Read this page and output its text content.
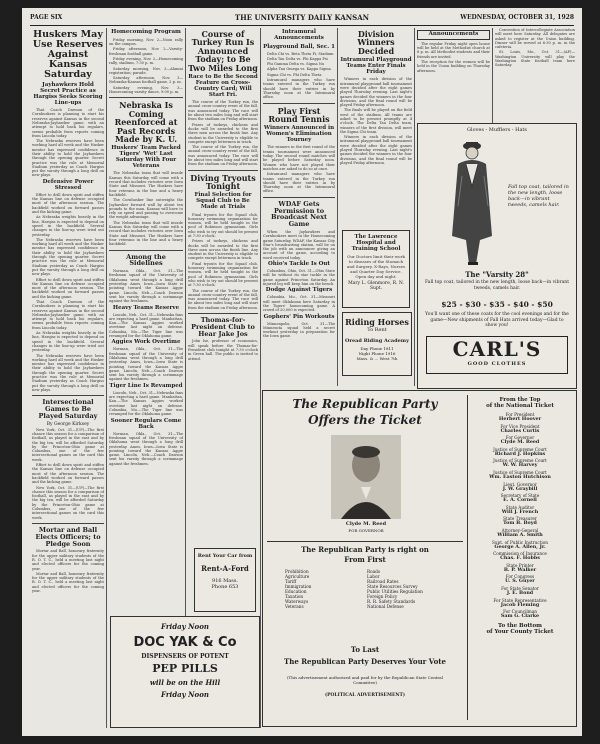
PAGE SIX	THE UNIVERSITY DAILY KANSAN	WEDNESDAY, OCTOBER 31, 1928
Huskers May Use Reserves Against Kansas Saturday
Jayhawkers Hold Secret Practice as Hargiss Seeks Scoring Line-ups

That Coach Dawson of the Cornhuskers is planning to start his reserves against Kansas in the second Nebraska-Jayhawker game, with an attempt to hold back his regulars, seems probable from reports coming from Lincoln today.

The Nebraska reserves have been working hard all week and the Husker mentor has expressed confidence in their ability to hold the Jayhawkers through the opening quarter. Secret practice was the rule at Memorial Stadium yesterday as Coach Hargiss put the varsity through a long drill on new plays.

Defensive Power Stressed

Effort to drill down spirit and stiffen the Kansas line on defense occupied most of the afternoon session. The backfield worked on forward passes and the kicking game.

As Nebraska weights heavily in the line, Harqiss is expected to depend on speed in the backfield. Several changes in the line-up were tried out yesterday.

The Nebraska reserves have been working hard all week and the Husker mentor has expressed confidence in their ability to hold the Jayhawkers through the opening quarter. Secret practice was the rule at Memorial Stadium yesterday as Coach Hargiss put the varsity through a long drill on new plays.

Effort to drill down spirit and stiffen the Kansas line on defense occupied most of the afternoon session. The backfield worked on forward passes and the kicking game.

That Coach Dawson of the Cornhuskers is planning to start his reserves against Kansas in the second Nebraska-Jayhawker game, with an attempt to hold back his regulars, seems probable from reports coming from Lincoln today.

As Nebraska weights heavily in the line, Harqiss is expected to depend on speed in the backfield. Several changes in the line-up were tried out yesterday.

The Nebraska reserves have been working hard all week and the Husker mentor has expressed confidence in their ability to hold the Jayhawkers through the opening quarter. Secret practice was the rule at Memorial Stadium yesterday as Coach Hargiss put the varsity through a long drill on new plays.

Intersectional Games to Be Played Saturday
By George Kirksey

New York, Oct. 31—(UP)—The first chance this season for a comparison of football, as played in the east and by the big ten, will be afforded Saturday by the Princeton-Ohio game at Columbus, one of the few intersectional games on the card this week.

Effort to drill down spirit and stiffen the Kansas line on defense occupied most of the afternoon session. The backfield worked on forward passes and the kicking game.

New York, Oct. 31—(UP)—The first chance this season for a comparison of football, as played in the east and by the big ten, will be afforded Saturday by the Princeton-Ohio game at Columbus, one of the few intersectional games on the card this week.

Mortar and Ball Elects Officers; to Pledge Soon

Mortar and Ball, honorary fraternity for the upper military students of the R. O. T. C., held a meeting last night and elected officers for the coming year.

Mortar and Ball, honorary fraternity for the upper military students of the R. O. T. C., held a meeting last night and elected officers for the coming year.

Homecoming Program

Friday morning, Nov. 2—Noon rally on the campus.

Friday afternoon, Nov. 2—Varsity-freshman football game.

Friday evening, Nov. 2—Homecoming rally, stadium, 7:30 p. m.

Saturday morning, Nov. 3—Alumni registration; parade.

Saturday afternoon, Nov. 3—Nebraska-Kansas football game, 2 p. m.

Saturday evening, Nov. 3—Homecoming varsity dance, 9:00 p. m.

Nebraska Is Coming Reenforced at Past Records Made by K. U.
Huskers' Team Packed Tigers' 'Wet' Last Saturday With Four Veterans

The Nebraska team that will invade Kansas this Saturday will come with a record that includes victories over Iowa State and Missouri. The Huskers have four veterans in the line and a heavy backfield.

The Cornhusker line outweighs the Jayhawker forward wall by about ten pounds to the man. Kansas will have to rely on speed and passing to overcome the weight advantage.

The Nebraska team that will invade Kansas this Saturday will come with a record that includes victories over Iowa State and Missouri. The Huskers have four veterans in the line and a heavy backfield.

Among the Sidelines

Norman, Okla., Oct. 31—The freshman squad of the University of Oklahoma went through a long drill yesterday. Ames, Iowa—Iowa State is pointing toward the Kansas Aggie game. Lincoln, Neb.—Coach Dawson sent his varsity through a scrimmage against the freshmen.

Heavy Teams Reserve

Lincoln, Neb., Oct. 31—Nebraska fans are expecting a hard game. Manhattan, Kan.—The Kansas Aggies worked overtime last night on defense. Columbia, Mo.—The Tiger line was revamped for the Oklahoma game.

Aggies Work Overtime

Norman, Okla., Oct. 31—The freshman squad of the University of Oklahoma went through a long drill yesterday. Ames, Iowa—Iowa State is pointing toward the Kansas Aggie game. Lincoln, Neb.—Coach Dawson sent his varsity through a scrimmage against the freshmen.

Tiger Line Is Revamped

Lincoln, Neb., Oct. 31—Nebraska fans are expecting a hard game. Manhattan, Kan.—The Kansas Aggies worked overtime last night on defense. Columbia, Mo.—The Tiger line was revamped for the Oklahoma game.

Sooner Regulars Come Back

Norman, Okla., Oct. 31—The freshman squad of the University of Oklahoma went through a long drill yesterday. Ames, Iowa—Iowa State is pointing toward the Kansas Aggie game. Lincoln, Neb.—Coach Dawson sent his varsity through a scrimmage against the freshmen.

Course of Turkey Run Is Announced Today; to Be Two Miles Long
Race to Be the Second Feature on Cross-Country Card; Will Start Fri.

The course of the Turkey run, the annual cross-country event of the fall, was announced today. The race will be about two miles long and will start from the stadium on Friday afternoon.

Prizes of turkeys, chickens and ducks will be awarded to the first three men across the finish line. Any student in the University is eligible to compete except lettermen in track.

The course of the Turkey run, the annual cross-country event of the fall, was announced today. The race will be about two miles long and will start from the stadium on Friday afternoon.

Diving Tryouts Tonight
Final Selection for Squad Club to Be Made at Trials

Final tryouts for the Squad club, honorary swimming organization for women, will be held tonight in the pool of Robinson gymnasium. Girls who wish to try out should be present at 7:30 o'clock.

Prizes of turkeys, chickens and ducks will be awarded to the first three men across the finish line. Any student in the University is eligible to compete except lettermen in track.

Final tryouts for the Squad club, honorary swimming organization for women, will be held tonight in the pool of Robinson gymnasium. Girls who wish to try out should be present at 7:30 o'clock.

The course of the Turkey run, the annual cross-country event of the fall, was announced today. The race will be about two miles long and will start from the stadium on Friday afternoon.

Thomas-for-President Club to Hear Jake Jos

John Ise, professor of economics, will speak before the Thomas-for-President club tonight at 7:30 o'clock in Green hall. The public is invited to attend.

Rent Your Car from
Rent-A-Ford
916 Mass.
Phone 653
Intramural Announcements
Playground Ball, Sec. 1

Delta Chi vs. Beta Theta Pi, Stadium

Delta Tau Delta vs. Phi Kappa Psi

Phi Gamma Delta vs. Sigma Nu

Alpha Tau Omega vs. Kappa Sigma

Sigma Chi vs. Phi Delta Theta

Intramural managers who have teams entered in the Turkey run should have their entries in by Thursday noon at the Intramural office.

Play First Round Tennis
Winners Announced in Women's Elimination Tourney

The winners in the first round of the tennis tournament were announced today. The second round matches will be played before Saturday noon. Women who have not played their matches are asked to do so at once.

Intramural managers who have teams entered in the Turkey run should have their entries in by Thursday noon at the Intramural office.

WDAF Gets Permission to Broadcast Next Game

When the Jayhawkers and Cornhuskers meet in the Homecoming game Saturday, WDAF, the Kansas City Star's broadcasting station, will be on the job with an announcer giving an account of the game, according to word received today.

Ohio's Tackle Is Out

Columbus, Ohio, Oct. 31—Ohio State will be without its star tackle in the game against Princeton Saturday. An injured leg will keep him on the bench.

Dodge Against Tigers

Columbia, Mo., Oct. 31—Missouri will meet Oklahoma here Saturday in the Tigers' homecoming game. A crowd of 20,000 is expected.

Gophers' Pin Workouts

Minneapolis, Oct. 31—The Minnesota squad held a secret workout yesterday in preparation for the Iowa game.

Division Winners Decided
Intramural Playground Teams Enter Finals Friday

Winners in each division of the intramural playground ball tournament were decided after the eight games played Thursday evening. Last night's games decided the winners in the four divisions, and the final round will be played Friday afternoon.

The finals will be played on the field west of the stadium. All teams are asked to be present promptly at 4 o'clock. The Delta Tau Delta team, winners of the first division, will meet the Sigma Chi team.

Winners in each division of the intramural playground ball tournament were decided after the eight games played Thursday evening. Last night's games decided the winners in the four divisions, and the final round will be played Friday afternoon.

The Lawrence Hospital and Training School
Our Doctors limit their work to diseases of the Stomach and Surgery. X-Rays, Nurses and Quarter Day Service. Open day and night.
Mary L. Glenmore, R. N. Supt.
Riding Horses
To Rent
Oread Riding Academy
Day Phone 1811
Night Phone 1916
Mass. & ... West 7th
Announcements

The regular Friday night open house will be held at the Methodist church at 8 p. m. All Methodist students and their friends are invited.

The reception for the women will be held in the Union building on Thursday afternoon.

Convention of Intercollegiate Association will meet here Saturday. All delegates are asked to register at the Union building. Dinner will be served at 6:30 p. m. in the cafeteria.

St. Louis, Mo., Oct. 31—(AP)—Washington University will play the Washington State football team here Saturday.

Gloves - Mufflers - Hats
Fall top coat, tailored in the new length, loose back—in vibrant tweeds, camels hair.
The "Varsity 28"
Fall top coat, tailored in the new length, loose back—in vibrant tweeds, camels hair.
$25 - $30 - $35 - $40 - $50
You'll want one of these coats for the cool evenings and for the game—New shipments of Fall Hats arrived today—Glad to show you!
CARL'S
GOOD CLOTHES
The Republican Party
Offers the Ticket
Clyde M. Reed
FOR GOVERNOR
The Republican Party is right on
From First
Prohibition
Agriculture
Tariff
Immigration
Education
Taxation
Waterways
Veterans
Roads
Labor
Railroad Rates
State Resources Survey
Public Utilities Regulation
Foreign Policy
R. R. Safety Standards
National Defense
To Last
The Republican Party Deserves Your Vote
(This advertisement authorized and paid for by the Republican State Central Committee)
(POLITICAL ADVERTISEMENT)
From the Top
of the National Ticket
For President
Herbert Hoover
For Vice President
Charles Curtis
For Governor
Clyde M. Reed
Justice of Supreme Court
Richard J. Hopkins
Justice of Supreme Court
W. W. Harvey
Justice of Supreme Court
Wm. Easton Hutchison
Lieut. Governor
J. W. Graybill
Secretary of State
E. A. Cornell
State Auditor
Will J. French
State Treasurer
Tom B. Boyd
Attorney-General
William A. Smith
Supt. of Public Instruction
George A. Allen, Jr.
Commission of Insurance
Chas. F. Hobbs
State Printer
B. P. Walker
For Congress
U. S. Guyer
For State Senator
J. E. Bond
For State Representative
Jacob Fleming
For Councilman
Sam G. Clarke
To the Bottom
of Your County Ticket
Friday Noon
DOC YAK & Co
DISPENSERS OF POTENT
PEP PILLS
will be on the Hill
Friday Noon
